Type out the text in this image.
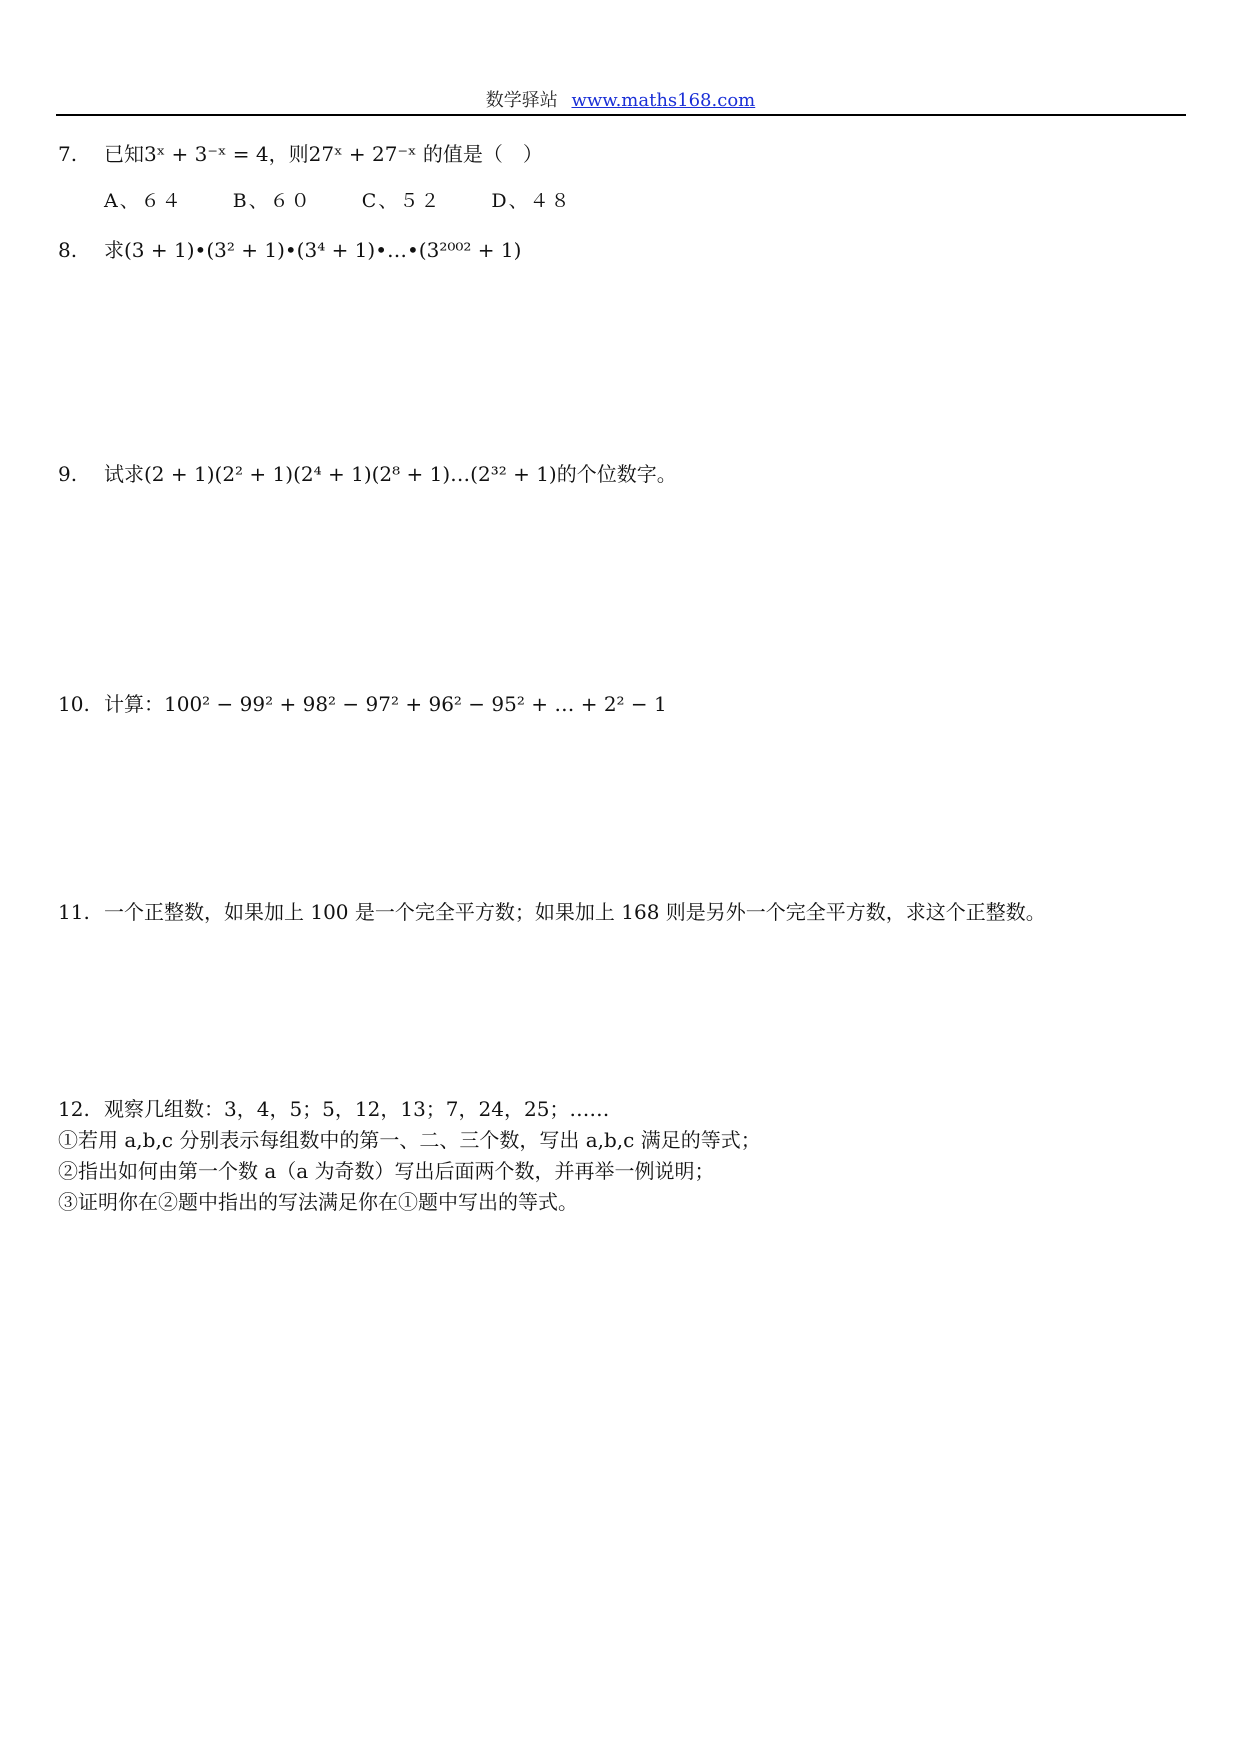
数学驿站 www.maths168.com
7. 已知3ˣ + 3⁻ˣ = 4，则27ˣ + 27⁻ˣ 的值是（　）
A、６４	B、６０	C、５２	D、４８
8. 求(3 + 1)•(3² + 1)•(3⁴ + 1)•…•(3²⁰⁰² + 1)
9. 试求(2 + 1)(2² + 1)(2⁴ + 1)(2⁸ + 1)…(2³² + 1)的个位数字。
10. 计算：100² − 99² + 98² − 97² + 96² − 95² + … + 2² − 1
11. 一个正整数，如果加上 100 是一个完全平方数；如果加上 168 则是另外一个完全平方数，求这个正整数。
12. 观察几组数：3，4，5；5，12，13；7，24，25；……
①若用 a,b,c 分别表示每组数中的第一、二、三个数，写出 a,b,c 满足的等式；
②指出如何由第一个数 a（a 为奇数）写出后面两个数，并再举一例说明；
③证明你在②题中指出的写法满足你在①题中写出的等式。
